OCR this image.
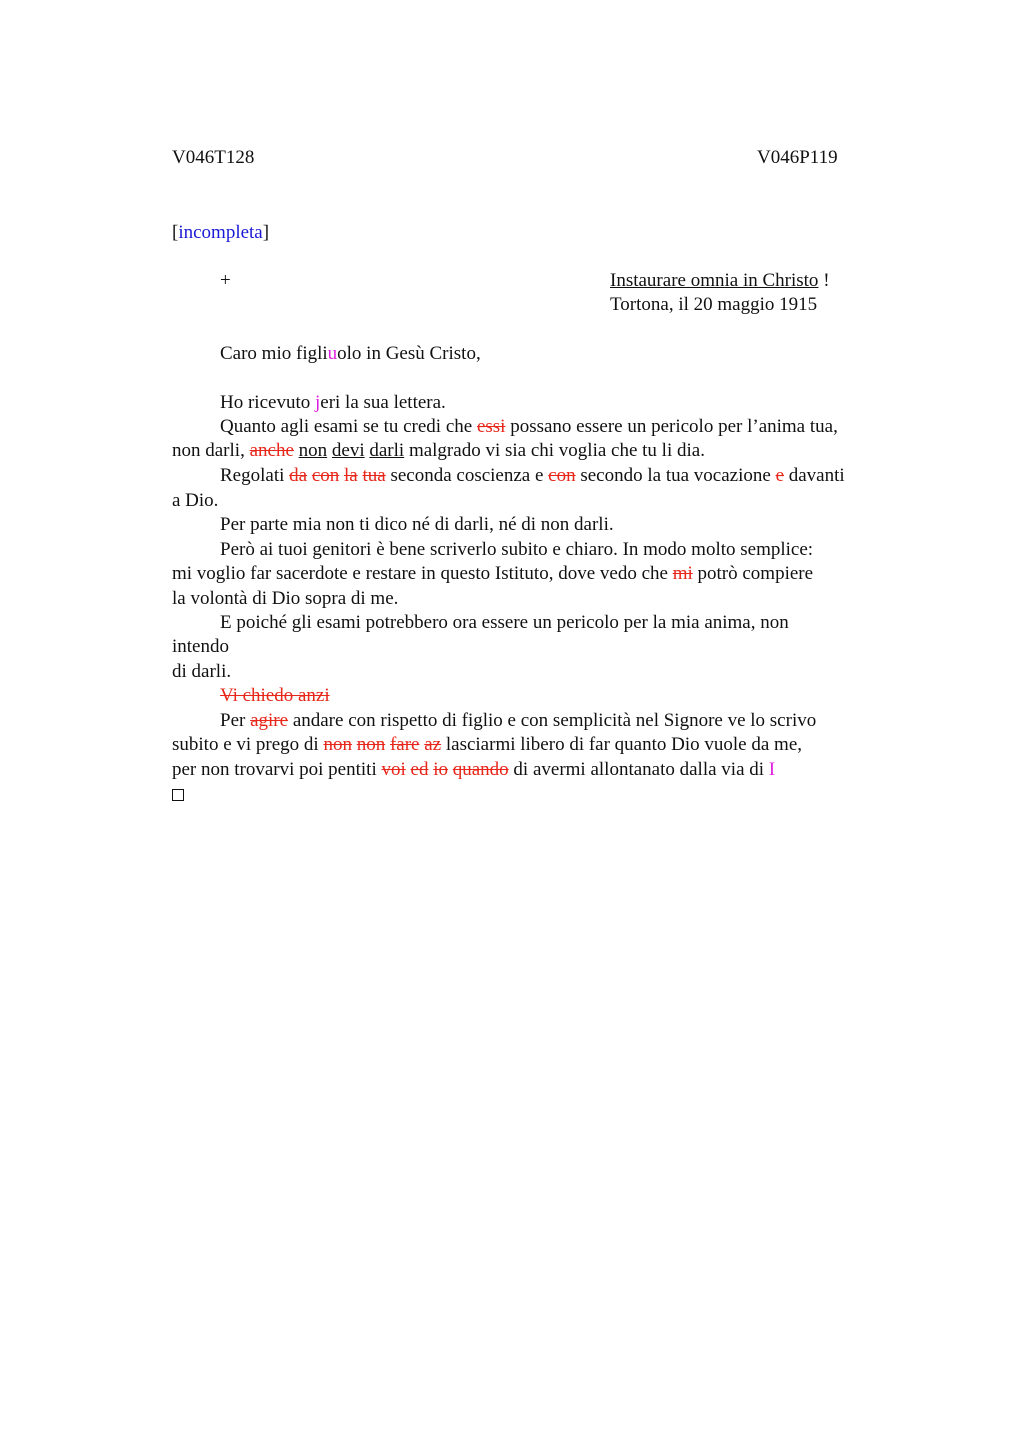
V046T128	V046P119
[incompleta]
+	Instaurare omnia in Christo !
Tortona, il 20 maggio 1915
Caro mio figliuolo in Gesù Cristo,
Ho ricevuto jeri la sua lettera.
Quanto agli esami se tu credi che essi possano essere un pericolo per l’anima tua,
non darli, anche non devi darli malgrado vi sia chi voglia che tu li dia.
Regolati da con la tua seconda coscienza e con secondo la tua vocazione e davanti
a Dio.
Per parte mia non ti dico né di darli, né di non darli.
Però ai tuoi genitori è bene scriverlo subito e chiaro. In modo molto semplice:
mi voglio far sacerdote e restare in questo Istituto, dove vedo che mi potrò compiere
la volontà di Dio sopra di me.
E poiché gli esami potrebbero ora essere un pericolo per la mia anima, non
intendo
di darli.
Vi chiedo anzi
Per agire andare con rispetto di figlio e con semplicità nel Signore ve lo scrivo
subito e vi prego di non non fare az lasciarmi libero di far quanto Dio vuole da me,
per non trovarvi poi pentiti voi ed io quando di avermi allontanato dalla via di I
